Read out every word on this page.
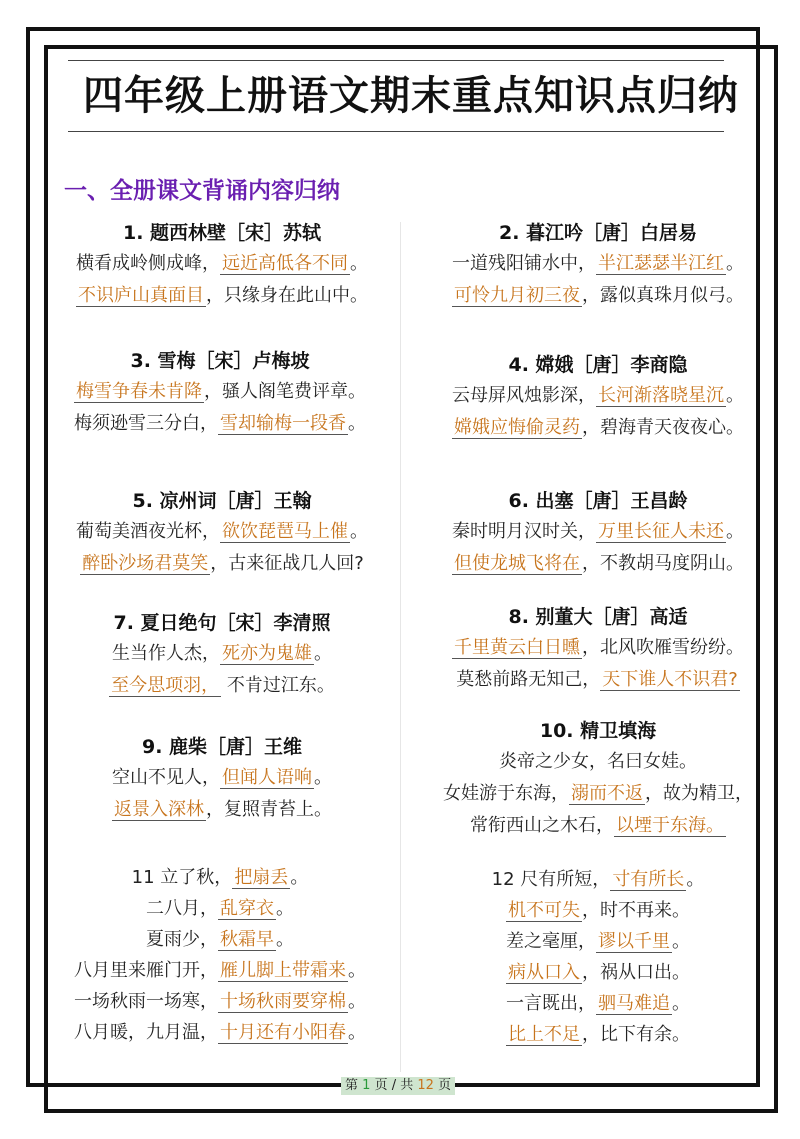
四年级上册语文期末重点知识点归纳
一、全册课文背诵内容归纳
1. 题西林壁［宋］苏轼
横看成岭侧成峰， 远近高低各不同 。
不识庐山真面目 ，只缘身在此山中。
2. 暮江吟［唐］白居易
一道残阳铺水中， 半江瑟瑟半江红 。
可怜九月初三夜 ，露似真珠月似弓。
3. 雪梅［宋］卢梅坡
梅雪争春未肯降 ，骚人阁笔费评章。
梅须逊雪三分白， 雪却输梅一段香 。
4. 嫦娥［唐］李商隐
云母屏风烛影深， 长河渐落晓星沉 。
嫦娥应悔偷灵药 ，碧海青天夜夜心。
5. 凉州词［唐］王翰
葡萄美酒夜光杯， 欲饮琵琶马上催 。
醉卧沙场君莫笑 ，古来征战几人回?
6. 出塞［唐］王昌龄
秦时明月汉时关， 万里长征人未还 。
但使龙城飞将在 ，不教胡马度阴山。
7. 夏日绝句［宋］李清照
生当作人杰， 死亦为鬼雄 。
至今思项羽， 不肯过江东。
8. 别董大［唐］高适
千里黄云白日曛 ，北风吹雁雪纷纷。
莫愁前路无知己， 天下谁人不识君?
9. 鹿柴［唐］王维
空山不见人， 但闻人语响 。
返景入深林 ，复照青苔上。
10. 精卫填海
炎帝之少女，名曰女娃。
女娃游于东海， 溺而不返 ，故为精卫，
常衔西山之木石， 以堙于东海。
11 立了秋， 把扇丢 。
二八月， 乱穿衣 。
夏雨少， 秋霜早 。
八月里来雁门开， 雁儿脚上带霜来 。
一场秋雨一场寒， 十场秋雨要穿棉 。
八月暖，九月温， 十月还有小阳春 。
12 尺有所短， 寸有所长 。
机不可失 ，时不再来。
差之毫厘， 谬以千里 。
病从口入 ，祸从口出。
一言既出， 驷马难追 。
比上不足 ，比下有余。
第 1 页 / 共 12 页
